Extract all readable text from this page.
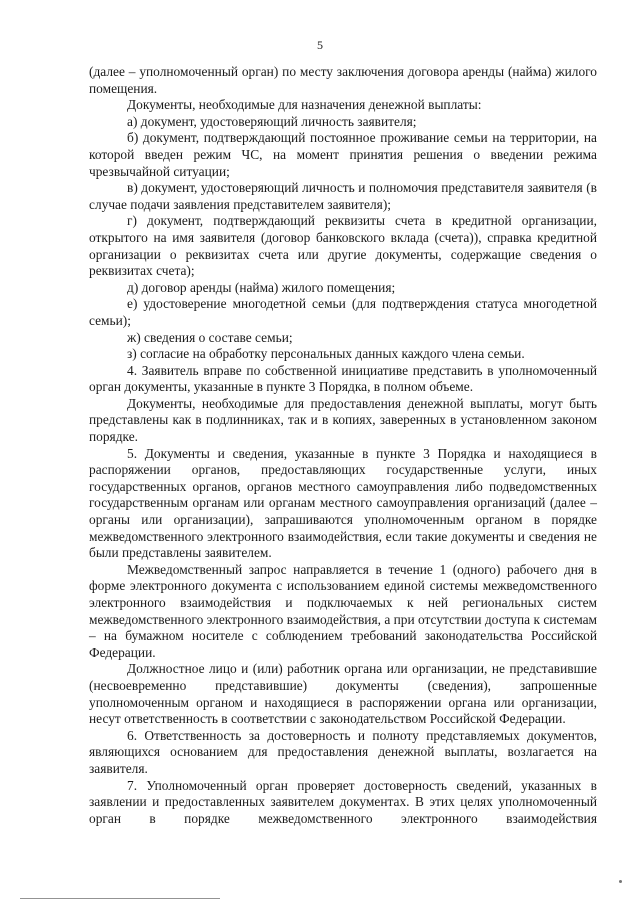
5

(далее – уполномоченный орган) по месту заключения договора аренды (найма) жилого помещения.

Документы, необходимые для назначения денежной выплаты:

а) документ, удостоверяющий личность заявителя;

б) документ, подтверждающий постоянное проживание семьи на территории, на которой введен режим ЧС, на момент принятия решения о введении режима чрезвычайной ситуации;

в) документ, удостоверяющий личность и полномочия представителя заявителя (в случае подачи заявления представителем заявителя);

г) документ, подтверждающий реквизиты счета в кредитной организации, открытого на имя заявителя (договор банковского вклада (счета)), справка кредитной организации о реквизитах счета или другие документы, содержащие сведения о реквизитах счета);

д) договор аренды (найма) жилого помещения;

е) удостоверение многодетной семьи (для подтверждения статуса многодетной семьи);

ж) сведения о составе семьи;

з) согласие на обработку персональных данных каждого члена семьи.

4. Заявитель вправе по собственной инициативе представить в уполномоченный орган документы, указанные в пункте 3 Порядка, в полном объеме.

Документы, необходимые для предоставления денежной выплаты, могут быть представлены как в подлинниках, так и в копиях, заверенных в установленном законом порядке.

5. Документы и сведения, указанные в пункте 3 Порядка и находящиеся в распоряжении органов, предоставляющих государственные услуги, иных государственных органов, органов местного самоуправления либо подведомственных государственным органам или органам местного самоуправления организаций (далее – органы или организации), запрашиваются уполномоченным органом в порядке межведомственного электронного взаимодействия, если такие документы и сведения не были представлены заявителем.

Межведомственный запрос направляется в течение 1 (одного) рабочего дня в форме электронного документа с использованием единой системы межведомственного электронного взаимодействия и подключаемых к ней региональных систем межведомственного электронного взаимодействия, а при отсутствии доступа к системам – на бумажном носителе с соблюдением требований законодательства Российской Федерации.

Должностное лицо и (или) работник органа или организации, не представившие (несвоевременно представившие) документы (сведения), запрошенные уполномоченным органом и находящиеся в распоряжении органа или организации, несут ответственность в соответствии с законодательством Российской Федерации.

6. Ответственность за достоверность и полноту представляемых документов, являющихся основанием для предоставления денежной выплаты, возлагается на заявителя.

7. Уполномоченный орган проверяет достоверность сведений, указанных в заявлении и предоставленных заявителем документах. В этих целях уполномоченный орган в порядке межведомственного электронного взаимодействия
